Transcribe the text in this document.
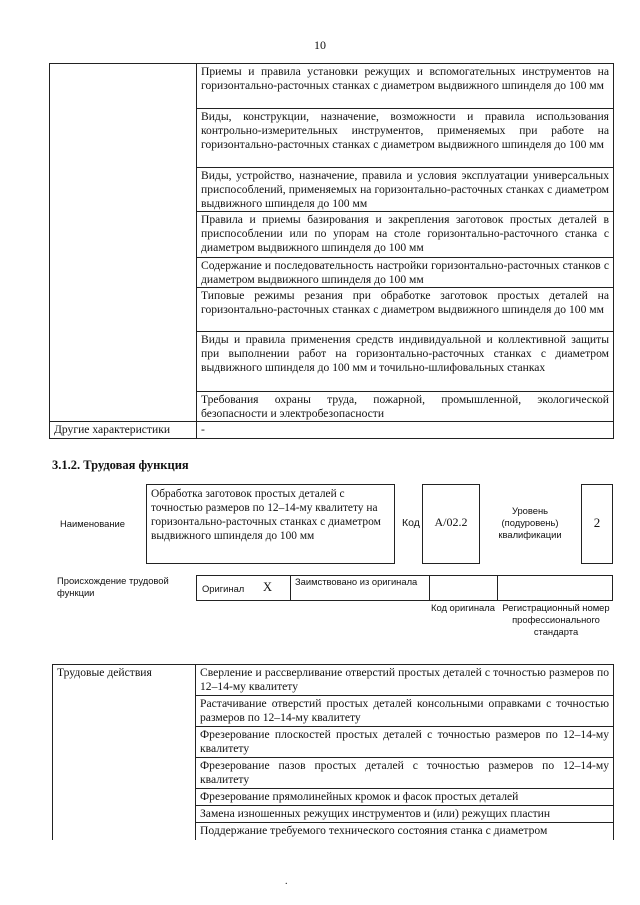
10
	Приемы и правила установки режущих и вспомогательных инструментов на горизонтально-расточных станках с диаметром выдвижного шпинделя до 100 мм
	Виды, конструкции, назначение, возможности и правила использования контрольно-измерительных инструментов, применяемых при работе на горизонтально-расточных станках с диаметром выдвижного шпинделя до 100 мм
	Виды, устройство, назначение, правила и условия эксплуатации универсальных приспособлений, применяемых на горизонтально-расточных станках с диаметром выдвижного шпинделя до 100 мм
	Правила и приемы базирования и закрепления заготовок простых деталей в приспособлении или по упорам на столе горизонтально-расточного станка с диаметром выдвижного шпинделя до 100 мм
	Содержание и последовательность настройки горизонтально-расточных станков с диаметром выдвижного шпинделя до 100 мм
	Типовые режимы резания при обработке заготовок простых деталей на горизонтально-расточных станках с диаметром выдвижного шпинделя до 100 мм
	Виды и правила применения средств индивидуальной и коллективной защиты при выполнении работ на горизонтально-расточных станках с диаметром выдвижного шпинделя до 100 мм и точильно-шлифовальных станках
	Требования охраны труда, пожарной, промышленной, экологической безопасности и электробезопасности
Другие характеристики	-
3.1.2. Трудовая функция
Наименование
Обработка заготовок простых деталей с точностью размеров по 12–14-му квалитету на горизонтально-расточных станках с диаметром выдвижного шпинделя до 100 мм
Код	A/02.2
Уровень (подуровень) квалификации
2
Происхождение трудовой функции	Оригинал X Заимствовано из оригинала
Код оригинала Регистрационный номер профессионального стандарта
Трудовые действия	Сверление и рассверливание отверстий простых деталей с точностью размеров по 12–14-му квалитету
Растачивание отверстий простых деталей консольными оправками с точностью размеров по 12–14-му квалитету
Фрезерование плоскостей простых деталей с точностью размеров по 12–14-му квалитету
Фрезерование пазов простых деталей с точностью размеров по 12–14-му квалитету
Фрезерование прямолинейных кромок и фасок простых деталей
Замена изношенных режущих инструментов и (или) режущих пластин
Поддержание требуемого технического состояния станка с диаметром
.
